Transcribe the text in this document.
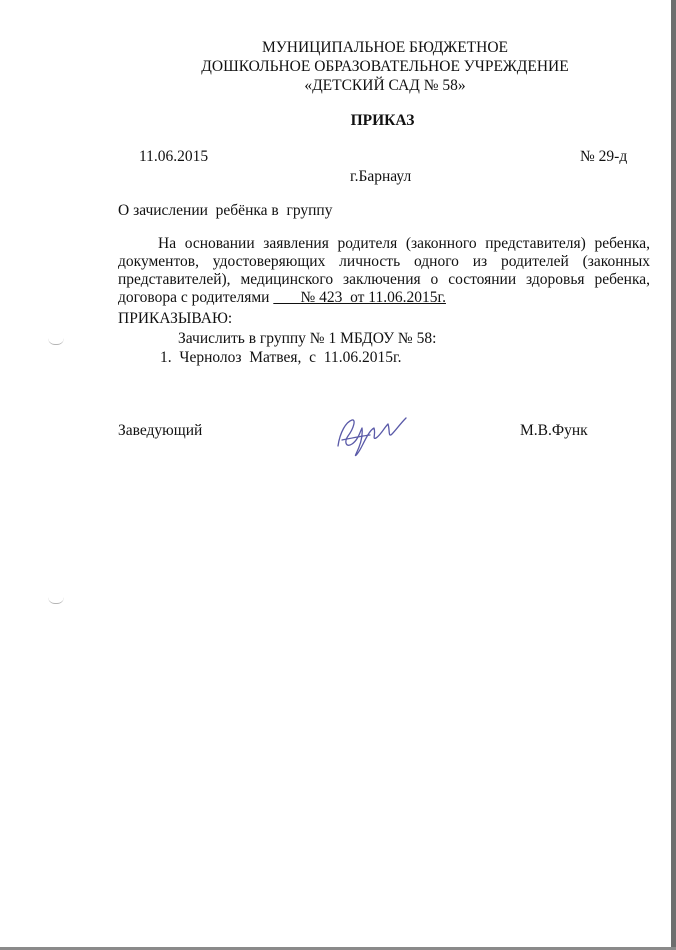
МУНИЦИПАЛЬНОЕ БЮДЖЕТНОЕ
ДОШКОЛЬНОЕ ОБРАЗОВАТЕЛЬНОЕ УЧРЕЖДЕНИЕ
«ДЕТСКИЙ САД № 58»
ПРИКАЗ
11.06.2015	№ 29-д
г.Барнаул
О зачислении  ребёнка в  группу
На основании заявления родителя (законного представителя) ребенка,
документов, удостоверяющих личность одного из родителей (законных
представителей), медицинского заключения о состоянии здоровья ребенка,
договора с родителями        № 423  от 11.06.2015г.
ПРИКАЗЫВАЮ:
Зачислить в группу № 1 МБДОУ № 58:
1.  Чернолоз  Матвея,  с  11.06.2015г.
Заведующий	М.В.Функ
